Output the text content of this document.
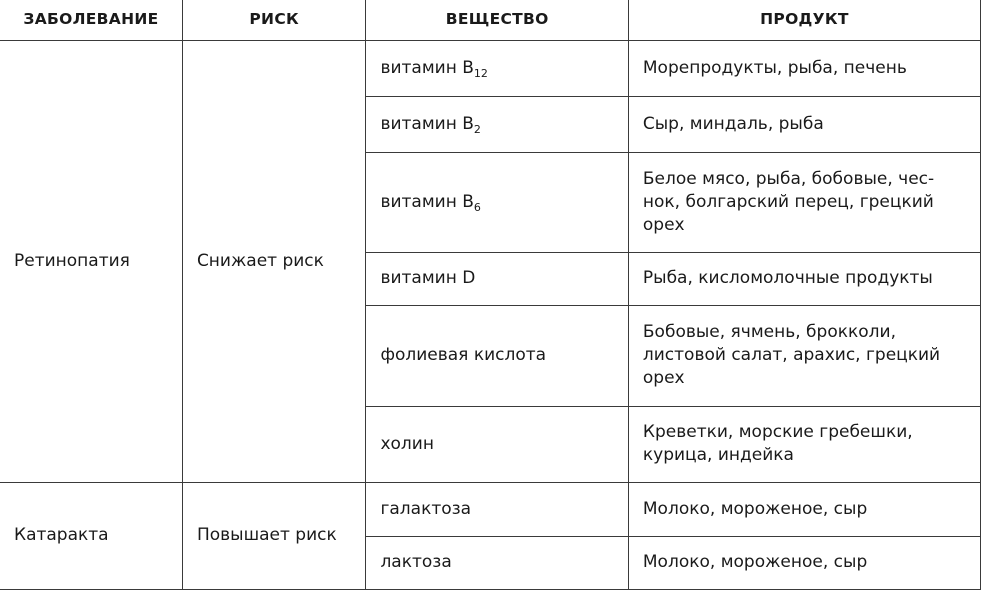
ЗАБОЛЕВАНИЕ	РИСК	ВЕЩЕСТВО	ПРОДУКТ
Ретинопатия	Снижает риск	витамин $B_{12}$	Морепродукты, рыба, печень
		витамин $B_2$	Сыр, миндаль, рыба
		витамин $B_6$	Белое мясо, рыба, бобовые, чес-нок, болгарский перец, грецкий орех
		витамин D	Рыба, кисломолочные продукты
		фолиевая кислота	Бобовые, ячмень, брокколи, листовой салат, арахис, грецкий орех
		холин	Креветки, морские гребешки, курица, индейка
Катаракта	Повышает риск	галактоза	Молоко, мороженое, сыр
		лактоза	Молоко, мороженое, сыр
